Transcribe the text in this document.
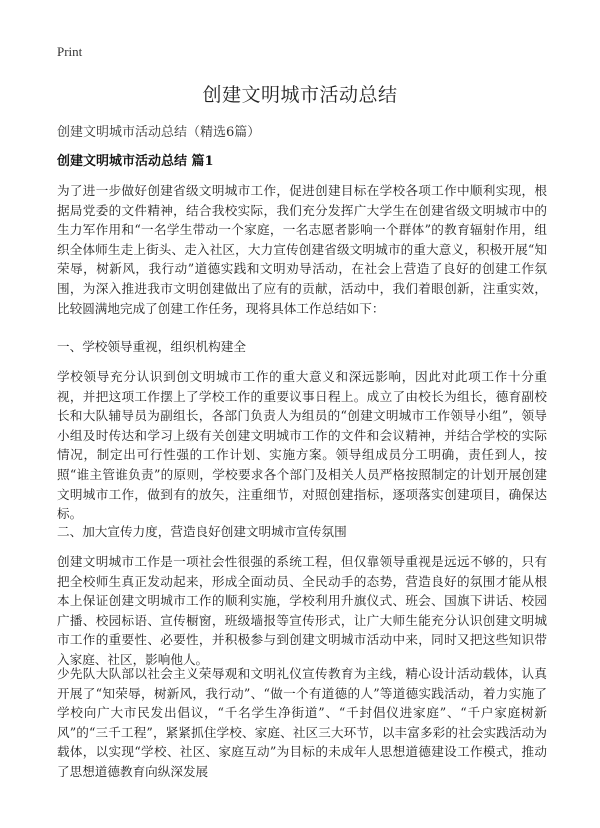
Print
创建文明城市活动总结

创建文明城市活动总结（精选6篇）

创建文明城市活动总结 篇1

为了进一步做好创建省级文明城市工作，促进创建目标在学校各项工作中顺利实现，根据局党委的文件精神，结合我校实际，我们充分发挥广大学生在创建省级文明城市中的生力军作用和“一名学生带动一个家庭，一名志愿者影响一个群体”的教育辐射作用，组织全体师生走上街头、走入社区，大力宣传创建省级文明城市的重大意义，积极开展“知荣辱，树新风，我行动”道德实践和文明劝导活动，在社会上营造了良好的创建工作氛围，为深入推进我市文明创建做出了应有的贡献，活动中，我们着眼创新，注重实效，比较圆满地完成了创建工作任务，现将具体工作总结如下：

一、学校领导重视，组织机构建全

学校领导充分认识到创文明城市工作的重大意义和深远影响，因此对此项工作十分重视，并把这项工作摆上了学校工作的重要议事日程上。成立了由校长为组长，德育副校长和大队辅导员为副组长，各部门负责人为组员的“创建文明城市工作领导小组”，领导小组及时传达和学习上级有关创建文明城市工作的文件和会议精神，并结合学校的实际情况，制定出可行性强的工作计划、实施方案。领导组成员分工明确，责任到人，按照“谁主管谁负责”的原则，学校要求各个部门及相关人员严格按照制定的计划开展创建文明城市工作，做到有的放矢，注重细节，对照创建指标，逐项落实创建项目，确保达标。

二、加大宣传力度，营造良好创建文明城市宣传氛围

创建文明城市工作是一项社会性很强的系统工程，但仅靠领导重视是远远不够的，只有把全校师生真正发动起来，形成全面动员、全民动手的态势，营造良好的氛围才能从根本上保证创建文明城市工作的顺利实施，学校利用升旗仪式、班会、国旗下讲话、校园广播、校园标语、宣传橱窗，班级墙报等宣传形式，让广大师生能充分认识创建文明城市工作的重要性、必要性，并积极参与到创建文明城市活动中来，同时又把这些知识带入家庭、社区，影响他人。

少先队大队部以社会主义荣辱观和文明礼仪宣传教育为主线，精心设计活动载体，认真开展了“知荣辱，树新风，我行动”、“做一个有道德的人”等道德实践活动，着力实施了学校向广大市民发出倡议，“千名学生净街道”、“千封倡仪进家庭”、“千户家庭树新风”的“三千工程”，紧紧抓住学校、家庭、社区三大环节，以丰富多彩的社会实践活动为载体，以实现“学校、社区、家庭互动”为目标的未成年人思想道德建设工作模式，推动了思想道德教育向纵深发展
